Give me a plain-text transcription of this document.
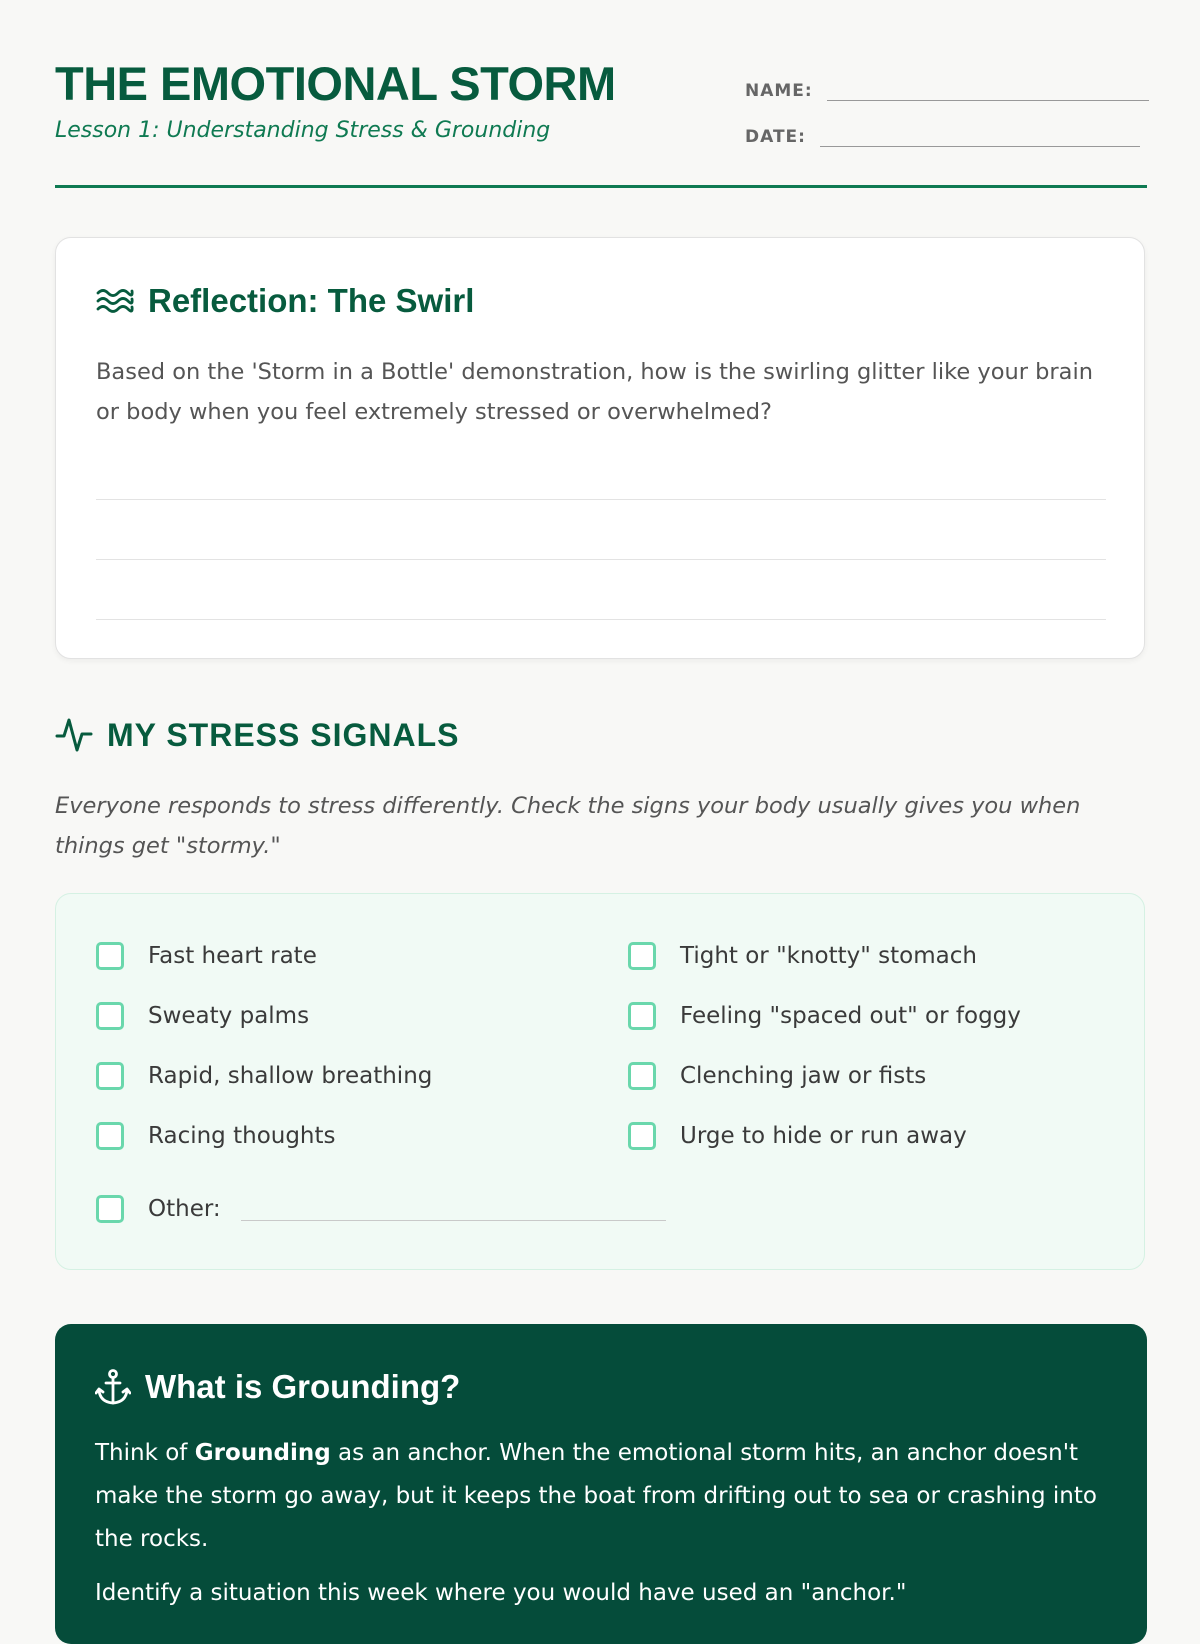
THE EMOTIONAL STORM
Lesson 1: Understanding Stress & Grounding
NAME:
DATE:
Reflection: The Swirl
Based on the 'Storm in a Bottle' demonstration, how is the swirling glitter like your brain or body when you feel extremely stressed or overwhelmed?
MY STRESS SIGNALS
Everyone responds to stress differently. Check the signs your body usually gives you when things get "stormy."
Fast heart rate
Sweaty palms
Rapid, shallow breathing
Racing thoughts
Tight or "knotty" stomach
Feeling "spaced out" or foggy
Clenching jaw or fists
Urge to hide or run away
Other:
What is Grounding?
Think of Grounding as an anchor. When the emotional storm hits, an anchor doesn't make the storm go away, but it keeps the boat from drifting out to sea or crashing into the rocks.
Identify a situation this week where you would have used an "anchor."
